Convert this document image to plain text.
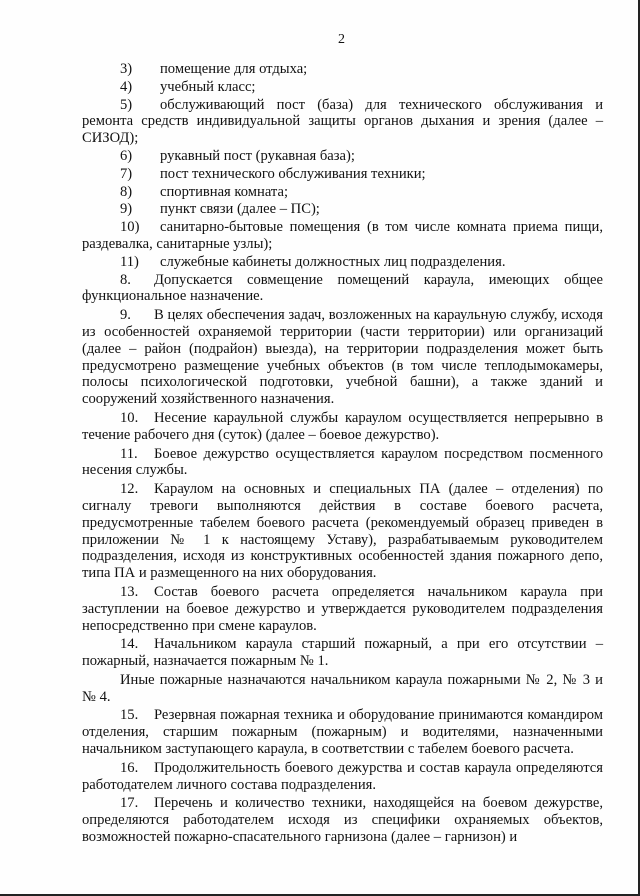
2
3) помещение для отдыха;
4) учебный класс;
5) обслуживающий пост (база) для технического обслуживания и ремонта средств индивидуальной защиты органов дыхания и зрения (далее – СИЗОД);
6) рукавный пост (рукавная база);
7) пост технического обслуживания техники;
8) спортивная комната;
9) пункт связи (далее – ПС);
10) санитарно-бытовые помещения (в том числе комната приема пищи, раздевалка, санитарные узлы);
11) служебные кабинеты должностных лиц подразделения.
8. Допускается совмещение помещений караула, имеющих общее функциональное назначение.
9. В целях обеспечения задач, возложенных на караульную службу, исходя из особенностей охраняемой территории (части территории) или организаций (далее – район (подрайон) выезда), на территории подразделения может быть предусмотрено размещение учебных объектов (в том числе теплодымокамеры, полосы психологической подготовки, учебной башни), а также зданий и сооружений хозяйственного назначения.
10. Несение караульной службы караулом осуществляется непрерывно в течение рабочего дня (суток) (далее – боевое дежурство).
11. Боевое дежурство осуществляется караулом посредством посменного несения службы.
12. Караулом на основных и специальных ПА (далее – отделения) по сигналу тревоги выполняются действия в составе боевого расчета, предусмотренные табелем боевого расчета (рекомендуемый образец приведен в приложении № 1 к настоящему Уставу), разрабатываемым руководителем подразделения, исходя из конструктивных особенностей здания пожарного депо, типа ПА и размещенного на них оборудования.
13. Состав боевого расчета определяется начальником караула при заступлении на боевое дежурство и утверждается руководителем подразделения непосредственно при смене караулов.
14. Начальником караула старший пожарный, а при его отсутствии – пожарный, назначается пожарным № 1.
Иные пожарные назначаются начальником караула пожарными № 2, № 3 и № 4.
15. Резервная пожарная техника и оборудование принимаются командиром отделения, старшим пожарным (пожарным) и водителями, назначенными начальником заступающего караула, в соответствии с табелем боевого расчета.
16. Продолжительность боевого дежурства и состав караула определяются работодателем личного состава подразделения.
17. Перечень и количество техники, находящейся на боевом дежурстве, определяются работодателем исходя из специфики охраняемых объектов, возможностей пожарно-спасательного гарнизона (далее – гарнизон) и
